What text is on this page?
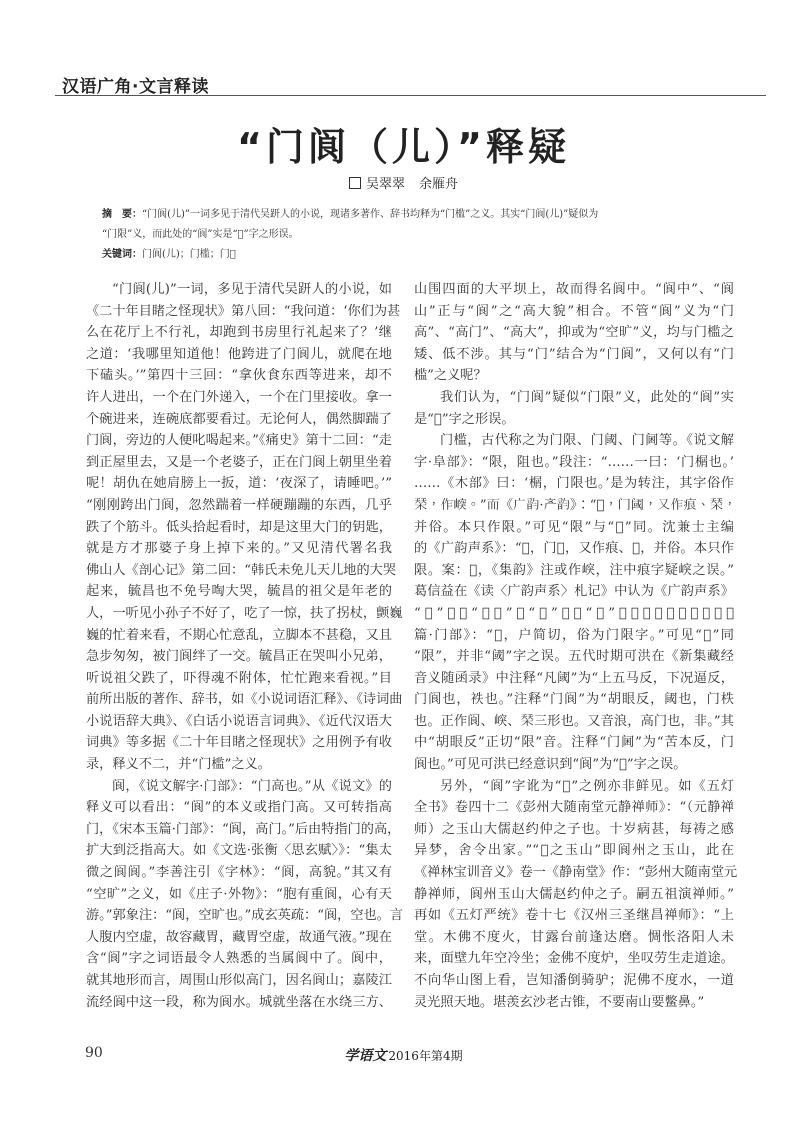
汉语广角·文言释读
“门阆（儿）”释疑
吴翠翠 余雁舟
摘　要：“门阆(儿)”一词多见于清代吴趼人的小说，现诸多著作、辞书均释为“门槛”之义。其实“门阆(儿)”疑似为
“门限”义，而此处的“阆”实是“𨳩”字之形误。
关键词：门阆(儿)；门槛；门𨳩
“门阆(儿)”一词，多见于清代吴趼人的小说，如
《二十年目睹之怪现状》第八回：“我问道：‘你们为甚
么在花厅上不行礼，却跑到书房里行礼起来了？’继
之道：‘我哪里知道他！他跨进了门阆儿，就爬在地
下磕头。’”第四十三回：“拿伙食东西等进来，却不
许人进出，一个在门外递入，一个在门里接收。拿一
个碗进来，连碗底都要看过。无论何人，偶然脚踹了
门阆，旁边的人便叱喝起来。”《痛史》第十二回：“走
到正屋里去，又是一个老婆子，正在门阆上朝里坐着
呢！胡仇在她肩膀上一扳，道：‘夜深了，请睡吧。’”
“刚刚跨出门阆，忽然踹着一样硬蹦蹦的东西，几乎
跌了个筋斗。低头拾起看时，却是这里大门的钥匙，
就是方才那婆子身上掉下来的。”又见清代署名我
佛山人《剖心记》第二回：“韩氏未免儿天儿地的大哭
起来，毓昌也不免号啕大哭，毓昌的祖父是年老的
人，一听见小孙子不好了，吃了一惊，扶了拐杖，颤巍
巍的忙着来看，不期心忙意乱，立脚本不甚稳，又且
急步匆匆，被门阆绊了一交。毓昌正在哭叫小兄弟，
听说祖父跌了，吓得魂不附体，忙忙跑来看视。”目
前所出版的著作、辞书，如《小说词语汇释》、《诗词曲
小说语辞大典》、《白话小说语言词典》、《近代汉语大
词典》等多据《二十年目睹之怪现状》之用例予有收
录，释义不二，并“门槛”之义。
阆，《说文解字·门部》：“门高也。”从《说文》的
释义可以看出：“阆”的本义或指门高。又可转指高
门，《宋本玉篇·门部》：“阆，高门。”后由特指门的高，
扩大到泛指高大。如《文选·张衡〈思玄赋〉》：“集太
微之阆阆。”李善注引《字林》：“阆，高貌。”其又有
“空旷”之义，如《庄子·外物》：“胞有重阆，心有天
游。”郭象注：“阆，空旷也。”成玄英疏：“阆，空也。言
人腹内空虚，故容藏胃，藏胃空虚，故通气液。”现在
含“阆”字之词语最令人熟悉的当属阆中了。阆中，
就其地形而言，周围山形似高门，因名阆山；嘉陵江
流经阆中这一段，称为阆水。城就坐落在水绕三方、
山围四面的大平坝上，故而得名阆中。“阆中”、“阆
山”正与“阆”之“高大貌”相合。不管“阆”义为“门
高”、“高门”、“高大”，抑或为“空旷”义，均与门槛之
矮、低不涉。其与“门”结合为“门阆”，又何以有“门
槛”之义呢？
我们认为，“门阆”疑似“门限”义，此处的“阆”实
是“𨳩”字之形误。
门槛，古代称之为门限、门阈、门阃等。《说文解
字·阜部》：“限，阻也。”段注：“……一曰：‘门榍也。’
……《木部》曰：‘榍，门限也。’是为转注，其字俗作
𣓁，作㟮。”而《广韵·产韵》：“𨳩，门阈，又作痕、𣓁，
并俗。本只作限。”可见“限”与“𨳩”同。沈兼士主编
的《广韵声系》：“𨳩，门𨳩，又作痕、𣓁，并俗。本只作
限。案：𨳩，《集韵》注或作㟮，注中痕字疑㟮之误。”
葛信益在《读〈广韵声系〉札记》中认为《广韵声系》
“𨳩”注：“门𨳩”之“𨳩”，系“阈”之误。另外，《宋本玉
篇·门部》：“𨳩，户简切，俗为门限字。”可见“𨳩”同
“限”，并非“阈”字之误。五代时期可洪在《新集藏经
音义随函录》中注释“凡阈”为“上五马反，下况逼反，
门阆也，袟也。”注释“门阆”为“胡眼反，阈也，门柣
也。正作阆、㟮、𣓁三形也。又音浪，高门也，非。”其
中“胡眼反”正切“限”音。注释“门阃”为“苦本反，门
阆也。”可见可洪已经意识到“阆”为“𨳩”字之误。
另外，“阆”字讹为“𨳩”之例亦非鲜见。如《五灯
全书》卷四十二《彭州大随南堂元静禅师》：“（元静禅
师）之玉山大儒赵约仲之子也。十岁病甚，每祷之感
异梦，舍令出家。”“𨳩之玉山”即阆州之玉山，此在
《禅林宝训音义》卷一《静南堂》作：“彭州大随南堂元
静禅师，阆州玉山大儒赵约仲之子。嗣五祖演禅师。”
再如《五灯严统》卷十七《汉州三圣继昌禅师》：“上
堂。木佛不度火，甘露台前逢达磨。惆怅洛阳人未
来，面壁九年空冷坐；金佛不度炉，坐叹劳生走道途。
不向华山图上看，岂知潘倒骑驴；泥佛不度水，一道
灵光照天地。堪羡玄沙老古锥，不要南山要鳖鼻。”
90	学语文 2016年第4期
